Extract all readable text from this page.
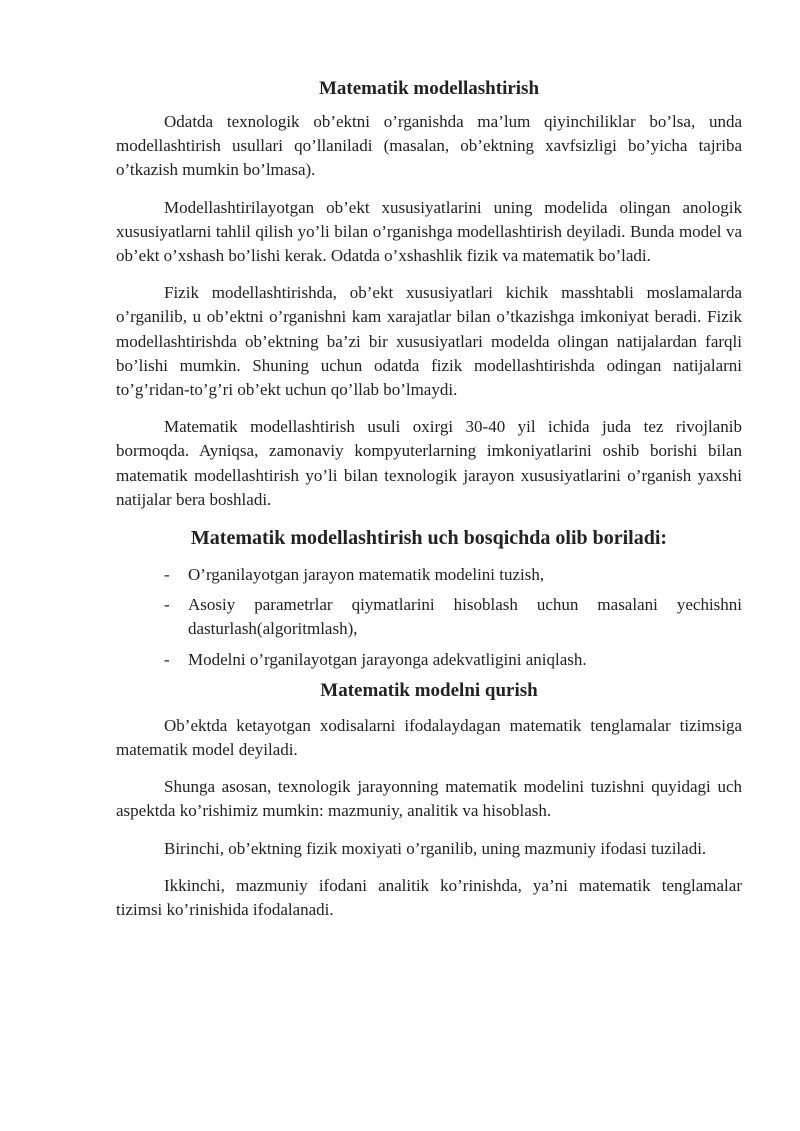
Matematik modellashtirish

Odatda texnologik ob’ektni o’rganishda ma’lum qiyinchiliklar bo’lsa, unda modellashtirish usullari qo’llaniladi (masalan, ob’ektning xavfsizligi bo’yicha tajriba o’tkazish mumkin bo’lmasa).

Modellashtirilayotgan ob’ekt xususiyatlarini uning modelida olingan anologik xususiyatlarni tahlil qilish yo’li bilan o’rganishga modellashtirish deyiladi. Bunda model va ob’ekt o’xshash bo’lishi kerak. Odatda o’xshashlik fizik va matematik bo’ladi.

Fizik modellashtirishda, ob’ekt xususiyatlari kichik masshtabli moslamalarda o’rganilib, u ob’ektni o’rganishni kam xarajatlar bilan o’tkazishga imkoniyat beradi. Fizik modellashtirishda ob’ektning ba’zi bir xususiyatlari modelda olingan natijalardan farqli bo’lishi mumkin. Shuning uchun odatda fizik modellashtirishda odingan natijalarni to’g’ridan-to’g’ri ob’ekt uchun qo’llab bo’lmaydi.

Matematik modellashtirish usuli oxirgi 30-40 yil ichida juda tez rivojlanib bormoqda. Ayniqsa, zamonaviy kompyuterlarning imkoniyatlarini oshib borishi bilan matematik modellashtirish yo’li bilan texnologik jarayon xususiyatlarini o’rganish yaxshi natijalar bera boshladi.

Matematik modellashtirish uch bosqichda olib boriladi:
- O’rganilayotgan jarayon matematik modelini tuzish,
- Asosiy parametrlar qiymatlarini hisoblash uchun masalani yechishni dasturlash(algoritmlash),
- Modelni o’rganilayotgan jarayonga adekvatligini aniqlash.
Matematik modelni qurish

Ob’ektda ketayotgan xodisalarni ifodalaydagan matematik tenglamalar tizimsiga matematik model deyiladi.

Shunga asosan, texnologik jarayonning matematik modelini tuzishni quyidagi uch aspektda ko’rishimiz mumkin: mazmuniy, analitik va hisoblash.

Birinchi, ob’ektning fizik moxiyati o’rganilib, uning mazmuniy ifodasi tuziladi.

Ikkinchi, mazmuniy ifodani analitik ko’rinishda, ya’ni matematik tenglamalar tizimsi ko’rinishida ifodalanadi.
